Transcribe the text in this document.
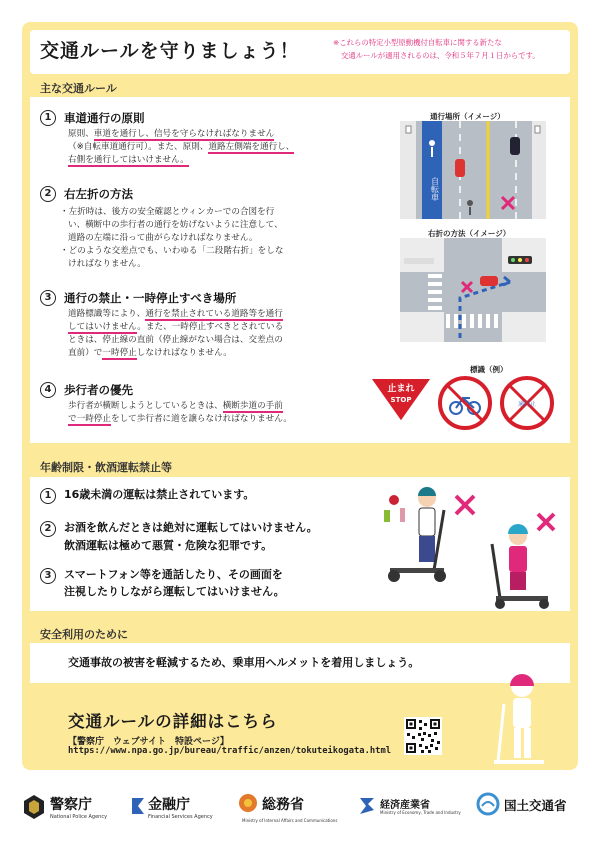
交通ルールを守りましょう！	※これらの特定小型原動機付自転車に関する新たな
交通ルールが適用されるのは、令和５年７月１日からです。
主な交通ルール
1	車道通行の原則
原則、車道を通行し、信号を守らなければなりません
（※自転車道通行可）。また、原則、道路左側端を通行し、
右側を通行してはいけません。
2	右左折の方法
・左折時は、後方の安全確認とウィンカーでの合図を行
い、横断中の歩行者の通行を妨げないように注意して、
道路の左端に沿って曲がらなければなりません。
・どのような交差点でも、いわゆる「二段階右折」をしな
ければなりません。
3	通行の禁止・一時停止すべき場所
道路標識等により、通行を禁止されている道路等を通行
してはいけません。また、一時停止すべきとされている
ときは、停止線の直前（停止線がない場合は、交差点の
直前）で一時停止しなければなりません。
4	歩行者の優先
歩行者が横断しようとしているときは、横断歩道の手前
で一時停止をして歩行者に道を譲らなければなりません。
通行場所（イメージ）
自転車
右折の方法（イメージ）
標識（例）
止まれ
STOP
通行止
年齢制限・飲酒運転禁止等
1	16歳未満の運転は禁止されています。
2	お酒を飲んだときは絶対に運転してはいけません。
飲酒運転は極めて悪質・危険な犯罪です。
3	スマートフォン等を通話したり、その画面を
注視したりしながら運転してはいけません。
安全利用のために
交通事故の被害を軽減するため、乗車用ヘルメットを着用しましょう。
交通ルールの詳細はこちら
【警察庁　ウェブサイト　特設ページ】
https://www.npa.go.jp/bureau/traffic/anzen/tokuteikogata.html
警察庁
National Police Agency
金融庁
Financial Services Agency
総務省
Ministry of Internal Affairs and Communications
経済産業省
Ministry of Economy, Trade and Industry	国土交通省
